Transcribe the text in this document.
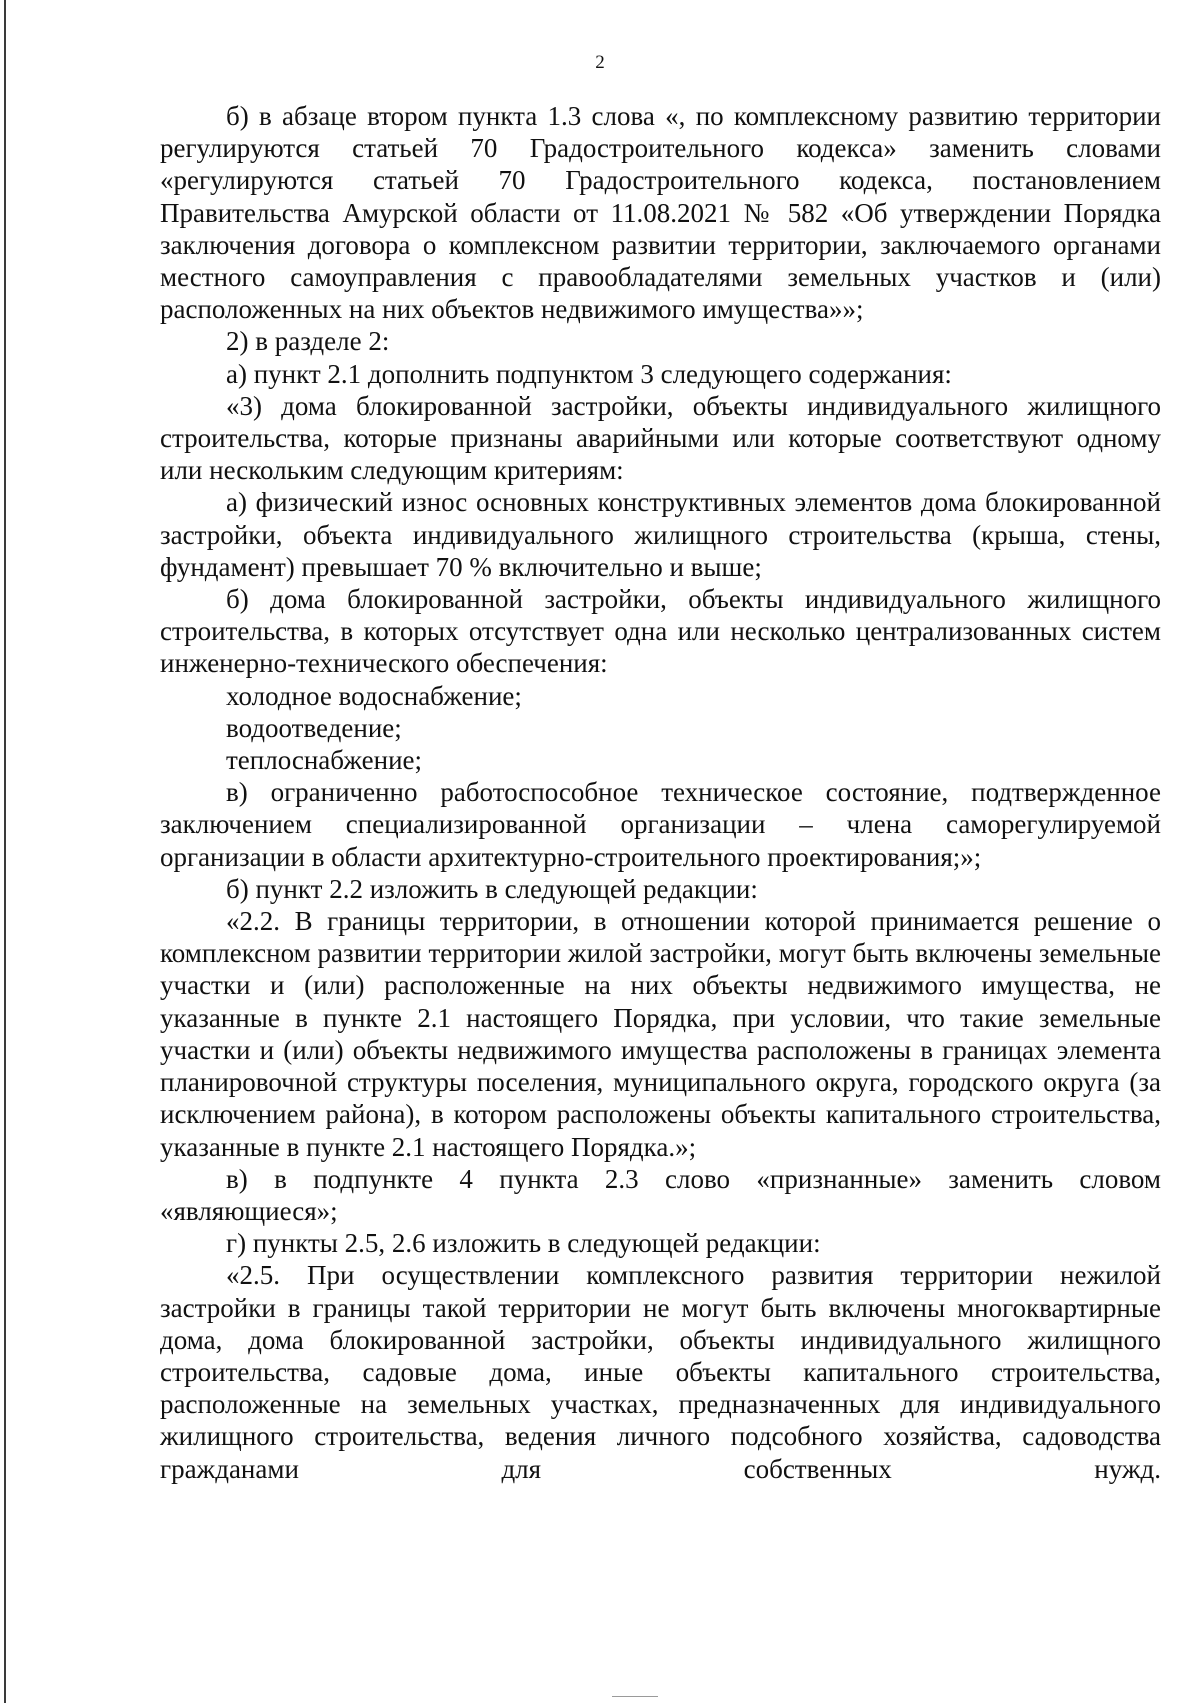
2

б) в абзаце втором пункта 1.3 слова «, по комплексному развитию территории регулируются статьей 70 Градостроительного кодекса» заменить словами «регулируются статьей 70 Градостроительного кодекса, постановлением Правительства Амурской области от 11.08.2021 № 582 «Об утверждении Порядка заключения договора о комплексном развитии территории, заключаемого органами местного самоуправления с правообладателями земельных участков и (или) расположенных на них объектов недвижимого имущества»»;

2) в разделе 2:

а) пункт 2.1 дополнить подпунктом 3 следующего содержания:

«3) дома блокированной застройки, объекты индивидуального жилищного строительства, которые признаны аварийными или которые соответствуют одному или нескольким следующим критериям:

а) физический износ основных конструктивных элементов дома блокированной застройки, объекта индивидуального жилищного строительства (крыша, стены, фундамент) превышает 70 % включительно и выше;

б) дома блокированной застройки, объекты индивидуального жилищного строительства, в которых отсутствует одна или несколько централизованных систем инженерно-технического обеспечения:

холодное водоснабжение;

водоотведение;

теплоснабжение;

в) ограниченно работоспособное техническое состояние, подтвержденное заключением специализированной организации – члена саморегулируемой организации в области архитектурно-строительного проектирования;»;

б) пункт 2.2 изложить в следующей редакции:

«2.2. В границы территории, в отношении которой принимается решение о комплексном развитии территории жилой застройки, могут быть включены земельные участки и (или) расположенные на них объекты недвижимого имущества, не указанные в пункте 2.1 настоящего Порядка, при условии, что такие земельные участки и (или) объекты недвижимого имущества расположены в границах элемента планировочной структуры поселения, муниципального округа, городского округа (за исключением района), в котором расположены объекты капитального строительства, указанные в пункте 2.1 настоящего Порядка.»;

в) в подпункте 4 пункта 2.3 слово «признанные» заменить словом «являющиеся»;

г) пункты 2.5, 2.6 изложить в следующей редакции:

«2.5. При осуществлении комплексного развития территории нежилой застройки в границы такой территории не могут быть включены многоквартирные дома, дома блокированной застройки, объекты индивидуального жилищного строительства, садовые дома, иные объекты капитального строительства, расположенные на земельных участках, предназначенных для индивидуального жилищного строительства, ведения личного подсобного хозяйства, садоводства гражданами для собственных нужд.
